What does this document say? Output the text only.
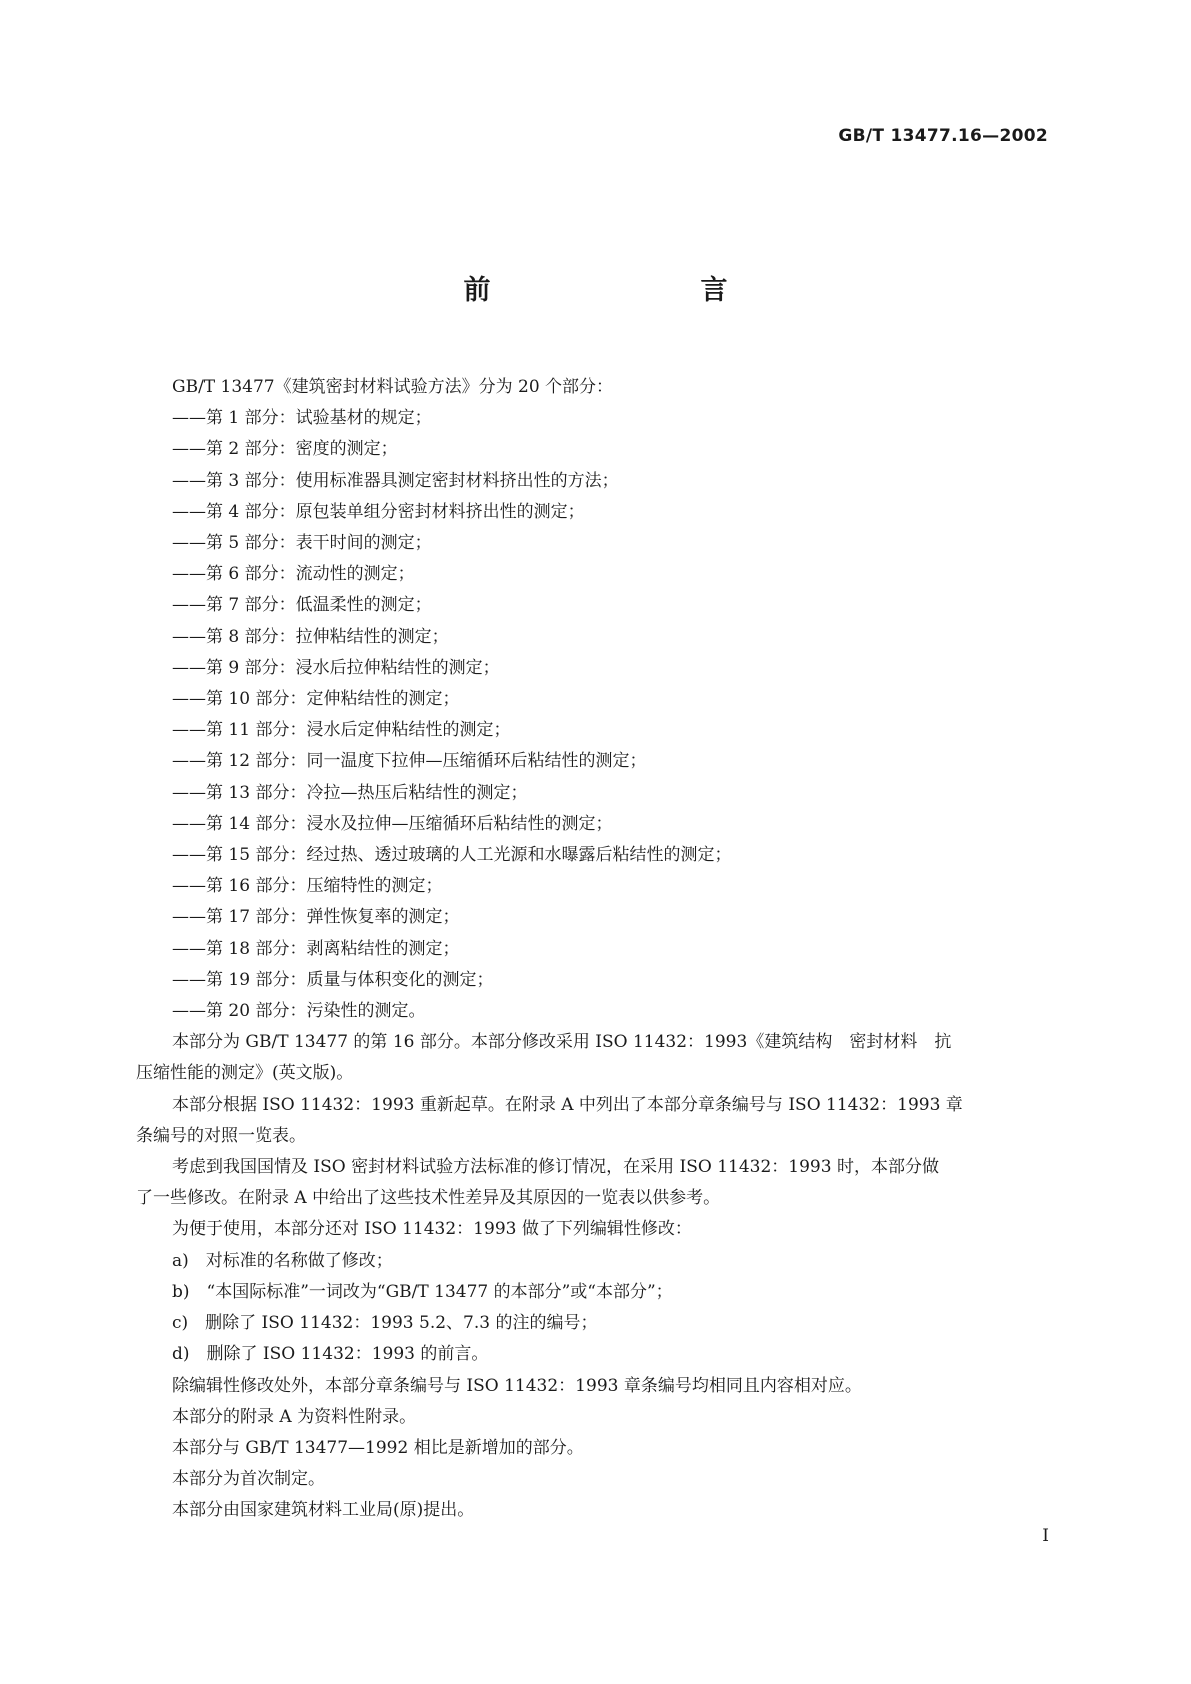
GB/T 13477.16—2002
前　　言

GB/T 13477《建筑密封材料试验方法》分为 20 个部分：

——第 1 部分：试验基材的规定；

——第 2 部分：密度的测定；

——第 3 部分：使用标准器具测定密封材料挤出性的方法；

——第 4 部分：原包装单组分密封材料挤出性的测定；

——第 5 部分：表干时间的测定；

——第 6 部分：流动性的测定；

——第 7 部分：低温柔性的测定；

——第 8 部分：拉伸粘结性的测定；

——第 9 部分：浸水后拉伸粘结性的测定；

——第 10 部分：定伸粘结性的测定；

——第 11 部分：浸水后定伸粘结性的测定；

——第 12 部分：同一温度下拉伸—压缩循环后粘结性的测定；

——第 13 部分：冷拉—热压后粘结性的测定；

——第 14 部分：浸水及拉伸—压缩循环后粘结性的测定；

——第 15 部分：经过热、透过玻璃的人工光源和水曝露后粘结性的测定；

——第 16 部分：压缩特性的测定；

——第 17 部分：弹性恢复率的测定；

——第 18 部分：剥离粘结性的测定；

——第 19 部分：质量与体积变化的测定；

——第 20 部分：污染性的测定。

本部分为 GB/T 13477 的第 16 部分。本部分修改采用 ISO 11432：1993《建筑结构　密封材料　抗

压缩性能的测定》(英文版)。

本部分根据 ISO 11432：1993 重新起草。在附录 A 中列出了本部分章条编号与 ISO 11432：1993 章

条编号的对照一览表。

考虑到我国国情及 ISO 密封材料试验方法标准的修订情况，在采用 ISO 11432：1993 时，本部分做

了一些修改。在附录 A 中给出了这些技术性差异及其原因的一览表以供参考。

为便于使用，本部分还对 ISO 11432：1993 做了下列编辑性修改：

a)　对标准的名称做了修改；

b)　“本国际标准”一词改为“GB/T 13477 的本部分”或“本部分”；

c)　删除了 ISO 11432：1993 5.2、7.3 的注的编号；

d)　删除了 ISO 11432：1993 的前言。

除编辑性修改处外，本部分章条编号与 ISO 11432：1993 章条编号均相同且内容相对应。

本部分的附录 A 为资料性附录。

本部分与 GB/T 13477—1992 相比是新增加的部分。

本部分为首次制定。

本部分由国家建筑材料工业局(原)提出。

I
